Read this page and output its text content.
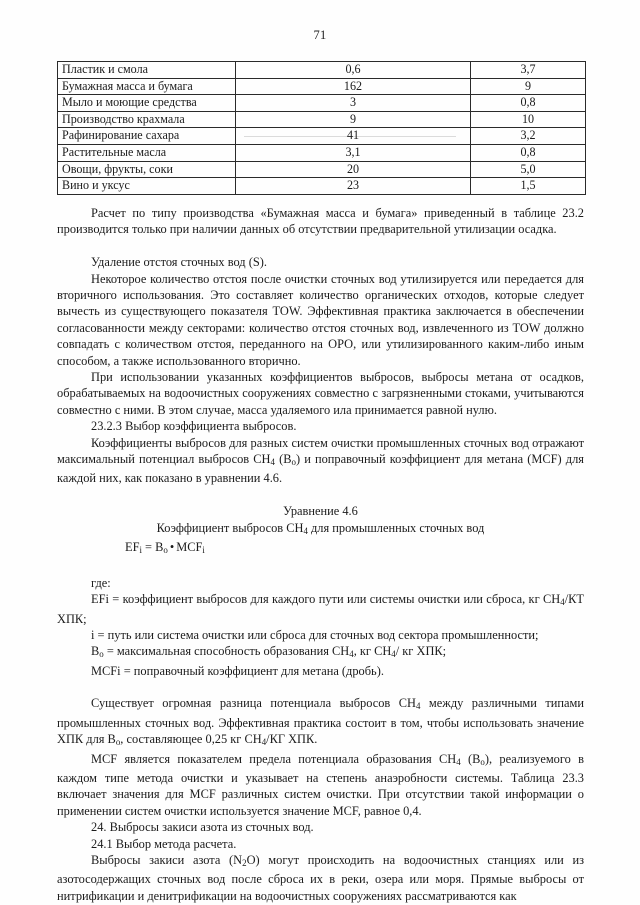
71
Пластик и смола	0,6	3,7
Бумажная масса и бумага	162	9
Мыло и моющие средства	3	0,8
Производство крахмала	9	10
Рафинирование сахара	41	3,2
Растительные масла	3,1	0,8
Овощи, фрукты, соки	20	5,0
Вино и уксус	23	1,5

Расчет по типу производства «Бумажная масса и бумага» приведенный в таблице 23.2 производится только при наличии данных об отсутствии предварительной утилизации осадка.

Удаление отстоя сточных вод (S).

Некоторое количество отстоя после очистки сточных вод утилизируется или передается для вторичного использования. Это составляет количество органических отходов, которые следует вычесть из существующего показателя TOW. Эффективная практика заключается в обеспечении согласованности между секторами: количество отстоя сточных вод, извлеченного из TOW должно совпадать с количеством отстоя, переданного на ОРО, или утилизированного каким-либо иным способом, а также использованного вторично.

При использовании указанных коэффициентов выбросов, выбросы метана от осадков, обрабатываемых на водоочистных сооружениях совместно с загрязненными стоками, учитываются совместно с ними. В этом случае, масса удаляемого ила принимается равной нулю.

23.2.3 Выбор коэффициента выбросов.

Коэффициенты выбросов для разных систем очистки промышленных сточных вод отражают максимальный потенциал выбросов $CH_4$ $(B_o)$ и поправочный коэффициент для метана (MCF) для каждой них, как показано в уравнении 4.6.

Уравнение 4.6
Коэффициент выбросов $CH_4$ для промышленных сточных вод

$EF_i = B_o$ • $MCF_i$

где:
EFi = коэффициент выбросов для каждого пути или системы очистки или сброса, кг $CH_4/КТ$ ХПК;
i = путь или система очистки или сброса для сточных вод сектора промышленности;
$B_o$ = максимальная способность образования $CH_4$, кг $CH_4/$ кг ХПК;
MCFi = поправочный коэффициент для метана (дробь).

Существует огромная разница потенциала выбросов $CH_4$ между различными типами промышленных сточных вод. Эффективная практика состоит в том, чтобы использовать значение ХПК для $B_o$, составляющее 0,25 кг $CH_4/КГ$ ХПК.

MCF является показателем предела потенциала образования $CH_4$ $(B_o)$, реализуемого в каждом типе метода очистки и указывает на степень анаэробности системы. Таблица 23.3 включает значения для MCF различных систем очистки. При отсутствии такой информации о применении систем очистки используется значение MCF, равное 0,4.

24. Выбросы закиси азота из сточных вод.

24.1 Выбор метода расчета.

Выбросы закиси азота $(N_2O)$ могут происходить на водоочистных станциях или из азотосодержащих сточных вод после сброса их в реки, озера или моря. Прямые выбросы от нитрификации и денитрификации на водоочистных сооружениях рассматриваются как
